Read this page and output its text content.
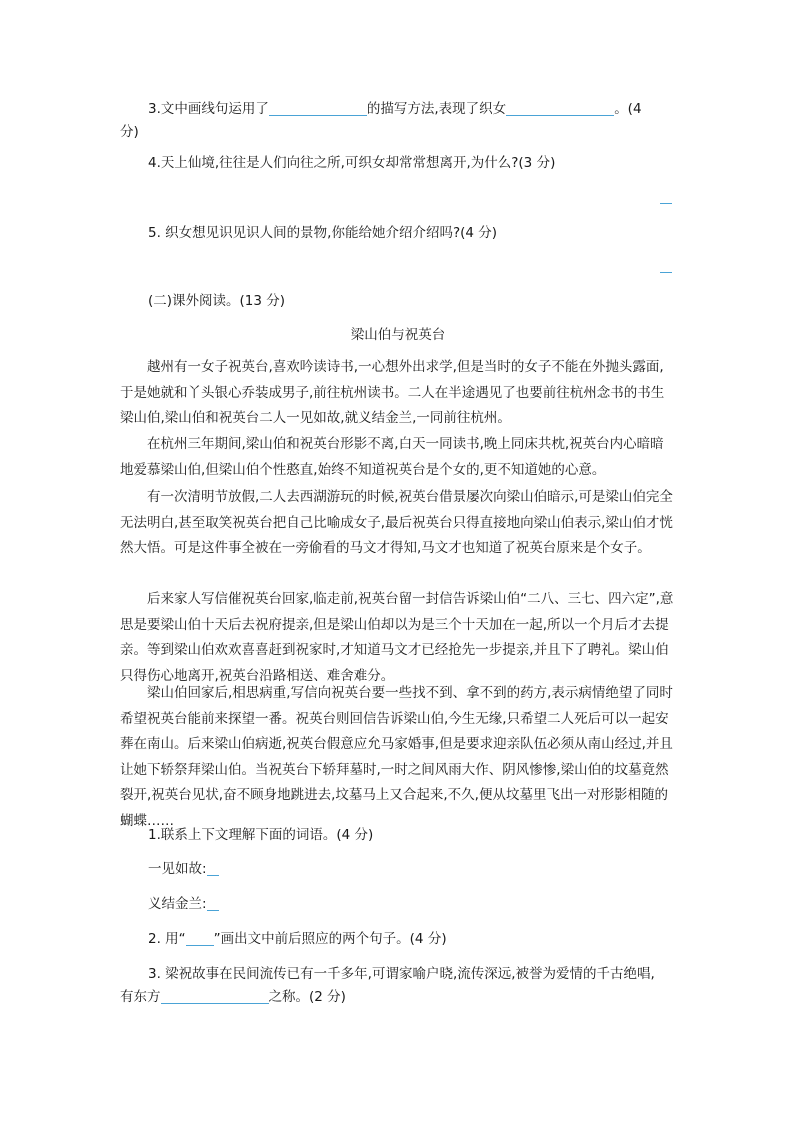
3.文中画线句运用了	的描写方法,表现了织女	。(4
分)
4.天上仙境,往往是人们向往之所,可织女却常常想离开,为什么?(3 分)
5. 织女想见识见识人间的景物,你能给她介绍介绍吗?(4 分)
(二)课外阅读。(13 分)
梁山伯与祝英台
越州有一女子祝英台,喜欢吟读诗书,一心想外出求学,但是当时的女子不能在外抛头露面,于是她就和丫头银心乔装成男子,前往杭州读书。二人在半途遇见了也要前往杭州念书的书生梁山伯,梁山伯和祝英台二人一见如故,就义结金兰,一同前往杭州。
在杭州三年期间,梁山伯和祝英台形影不离,白天一同读书,晚上同床共枕,祝英台内心暗暗地爱慕梁山伯,但梁山伯个性憨直,始终不知道祝英台是个女的,更不知道她的心意。
有一次清明节放假,二人去西湖游玩的时候,祝英台借景屡次向梁山伯暗示,可是梁山伯完全无法明白,甚至取笑祝英台把自己比喻成女子,最后祝英台只得直接地向梁山伯表示,梁山伯才恍然大悟。可是这件事全被在一旁偷看的马文才得知,马文才也知道了祝英台原来是个女子。
后来家人写信催祝英台回家,临走前,祝英台留一封信告诉梁山伯“二八、三七、四六定”,意思是要梁山伯十天后去祝府提亲,但是梁山伯却以为是三个十天加在一起,所以一个月后才去提亲。等到梁山伯欢欢喜喜赶到祝家时,才知道马文才已经抢先一步提亲,并且下了聘礼。梁山伯只得伤心地离开,祝英台沿路相送、难舍难分。
梁山伯回家后,相思病重,写信向祝英台要一些找不到、拿不到的药方,表示病情绝望了同时希望祝英台能前来探望一番。祝英台则回信告诉梁山伯,今生无缘,只希望二人死后可以一起安葬在南山。后来梁山伯病逝,祝英台假意应允马家婚事,但是要求迎亲队伍必须从南山经过,并且让她下轿祭拜梁山伯。当祝英台下轿拜墓时,一时之间风雨大作、阴风惨惨,梁山伯的坟墓竟然裂开,祝英台见状,奋不顾身地跳进去,坟墓马上又合起来,不久,便从坟墓里飞出一对形影相随的蝴蝶……
1.联系上下文理解下面的词语。(4 分)
一见如故:
义结金兰:
2. 用“ ”画出文中前后照应的两个句子。(4 分)
3. 梁祝故事在民间流传已有一千多年,可谓家喻户晓,流传深远,被誉为爱情的千古绝唱,
有东方	之称。(2 分)
